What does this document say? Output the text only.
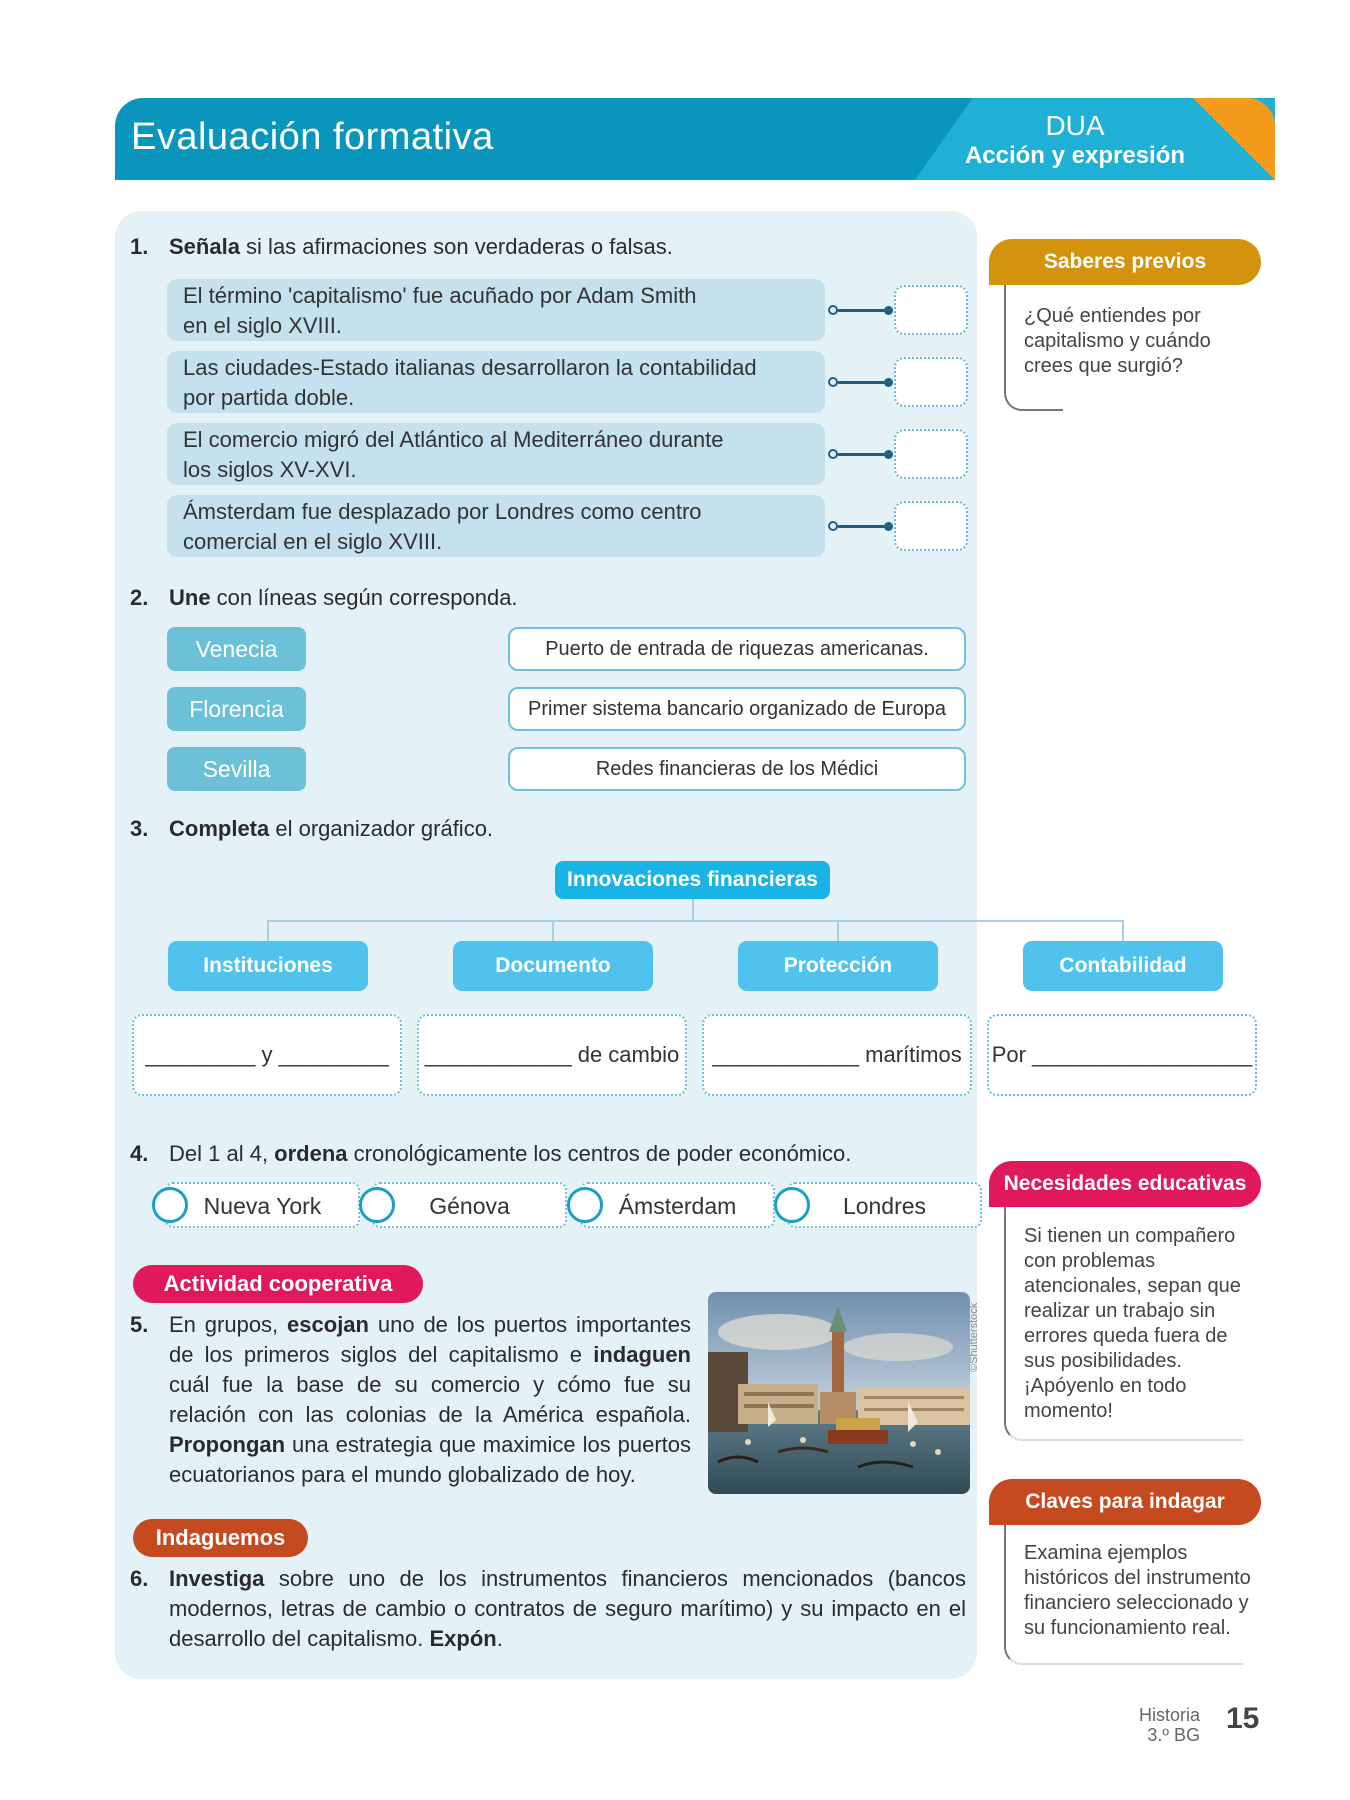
Evaluación formativa	DUA
Acción y expresión
1. Señala si las afirmaciones son verdaderas o falsas.
El término 'capitalismo' fue acuñado por Adam Smith
en el siglo XVIII.
Las ciudades-Estado italianas desarrollaron la contabilidad
por partida doble.
El comercio migró del Atlántico al Mediterráneo durante
los siglos XV-XVI.
Ámsterdam fue desplazado por Londres como centro
comercial en el siglo XVIII.
2. Une con líneas según corresponda.
Venecia
Florencia
Sevilla
Puerto de entrada de riquezas americanas.
Primer sistema bancario organizado de Europa
Redes financieras de los Médici
3. Completa el organizador gráfico.
Innovaciones financieras
Instituciones	Documento	Protección	Contabilidad
_________ y _________	____________ de cambio	____________ marítimos	Por __________________
4. Del 1 al 4, ordena cronológicamente los centros de poder económico.
Nueva York	Génova	Ámsterdam	Londres
Actividad cooperativa
5. En grupos, escojan uno de los puertos importantes de los primeros siglos del capitalismo e indaguen cuál fue la base de su comercio y cómo fue su relación con las colonias de la América española. Propongan una estrategia que maximice los puertos ecuatorianos para el mundo globalizado de hoy.
©Shutterstock
Indaguemos
6. Investiga sobre uno de los instrumentos financieros mencionados (bancos modernos, letras de cambio o contratos de seguro marítimo) y su impacto en el desarrollo del capitalismo. Expón.
Saberes previos
¿Qué entiendes por capitalismo y cuándo crees que surgió?
Necesidades educativas
Si tienen un compañero con problemas atencionales, sepan que realizar un trabajo sin errores queda fuera de sus posibilidades. ¡Apóyenlo en todo momento!
Claves para indagar
Examina ejemplos históricos del instrumento financiero seleccionado y su funcionamiento real.
Historia
3.º BG 15
